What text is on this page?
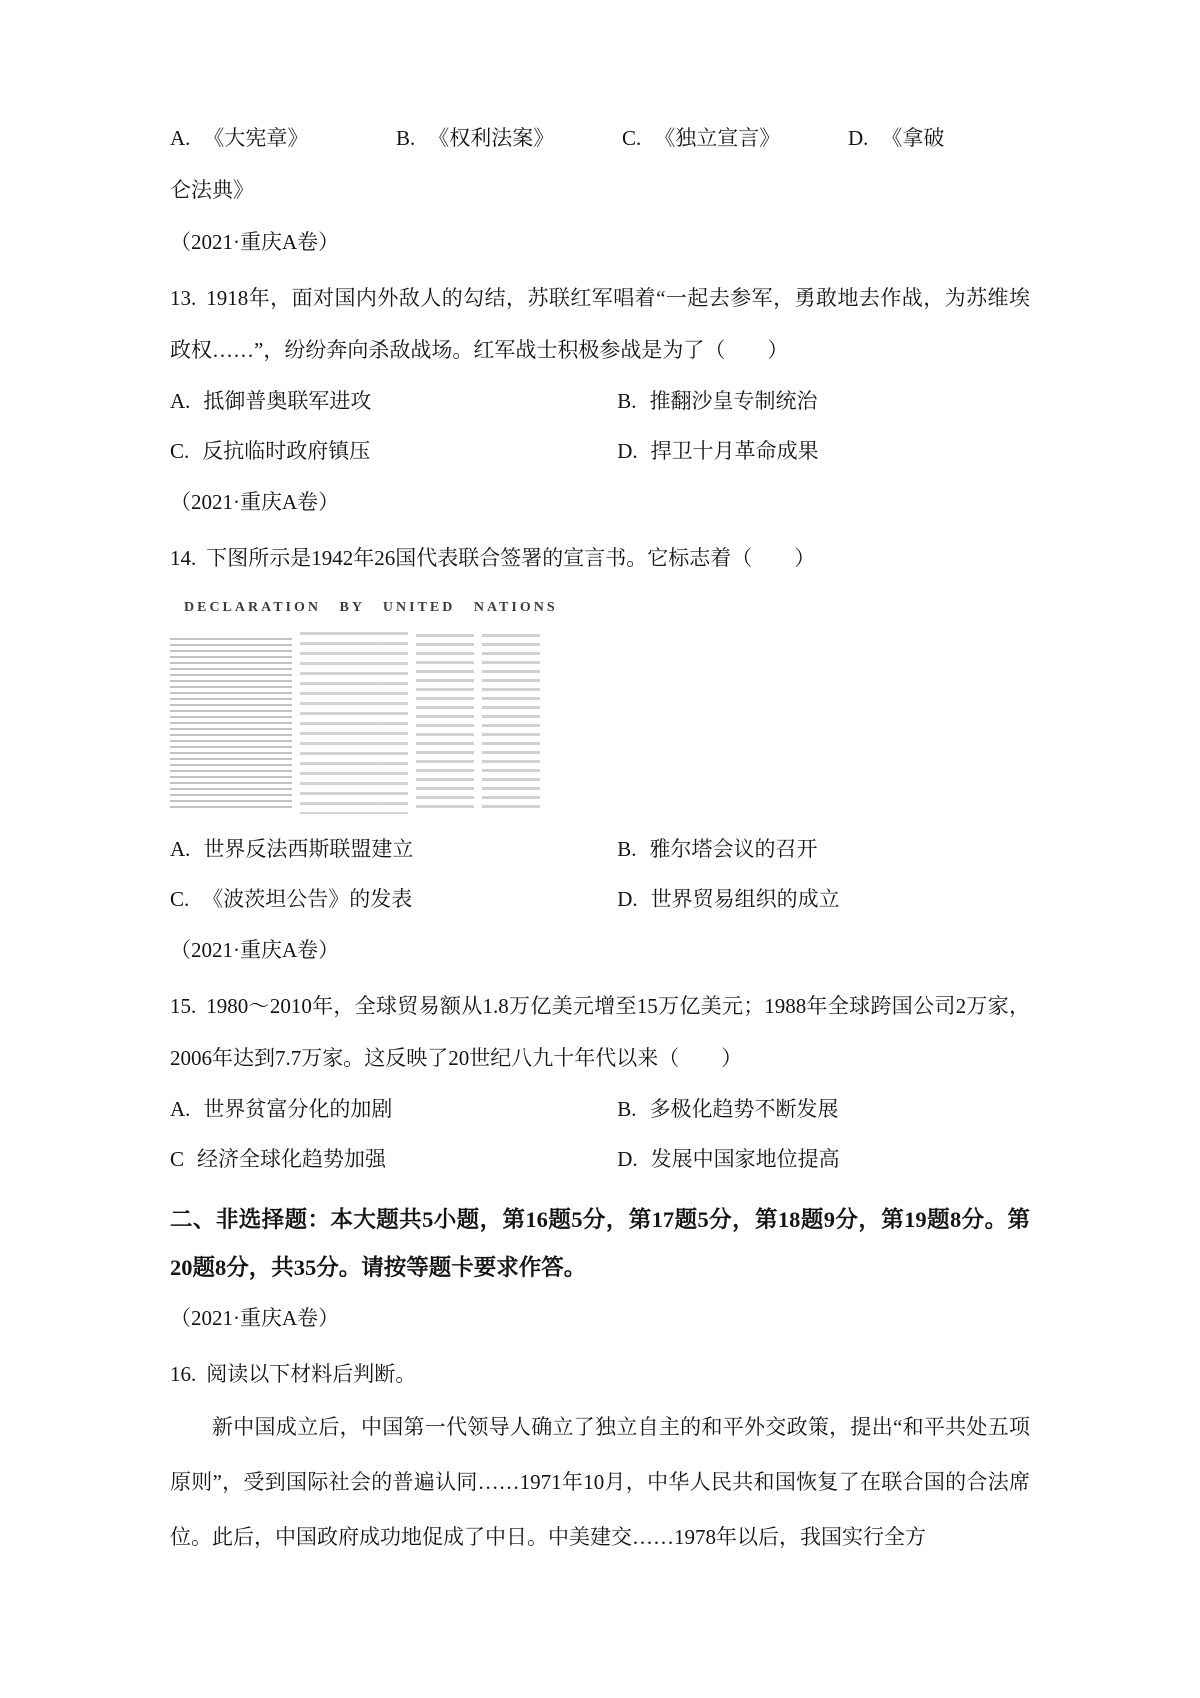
A. 《大宪章》	B. 《权利法案》	C. 《独立宣言》	D. 《拿破
仑法典》
（2021·重庆A卷）
13. 1918年，面对国内外敌人的勾结，苏联红军唱着“一起去参军，勇敢地去作战，为苏维埃政权……”，纷纷奔向杀敌战场。红军战士积极参战是为了（　　）
A. 抵御普奥联军进攻	B. 推翻沙皇专制统治
C. 反抗临时政府镇压	D. 捍卫十月革命成果
（2021·重庆A卷）
14. 下图所示是1942年26国代表联合签署的宣言书。它标志着（　　）
DECLARATION BY UNITED NATIONS
A. 世界反法西斯联盟建立	B. 雅尔塔会议的召开
C. 《波茨坦公告》的发表	D. 世界贸易组织的成立
（2021·重庆A卷）
15. 1980～2010年，全球贸易额从1.8万亿美元增至15万亿美元；1988年全球跨国公司2万家，2006年达到7.7万家。这反映了20世纪八九十年代以来（　　）
A. 世界贫富分化的加剧	B. 多极化趋势不断发展
C 经济全球化趋势加强	D. 发展中国家地位提高
二、非选择题：本大题共5小题，第16题5分，第17题5分，第18题9分，第19题8分。第20题8分，共35分。请按等题卡要求作答。
（2021·重庆A卷）
16. 阅读以下材料后判断。
新中国成立后，中国第一代领导人确立了独立自主的和平外交政策，提出“和平共处五项原则”，受到国际社会的普遍认同……1971年10月，中华人民共和国恢复了在联合国的合法席位。此后，中国政府成功地促成了中日。中美建交……1978年以后，我国实行全方
